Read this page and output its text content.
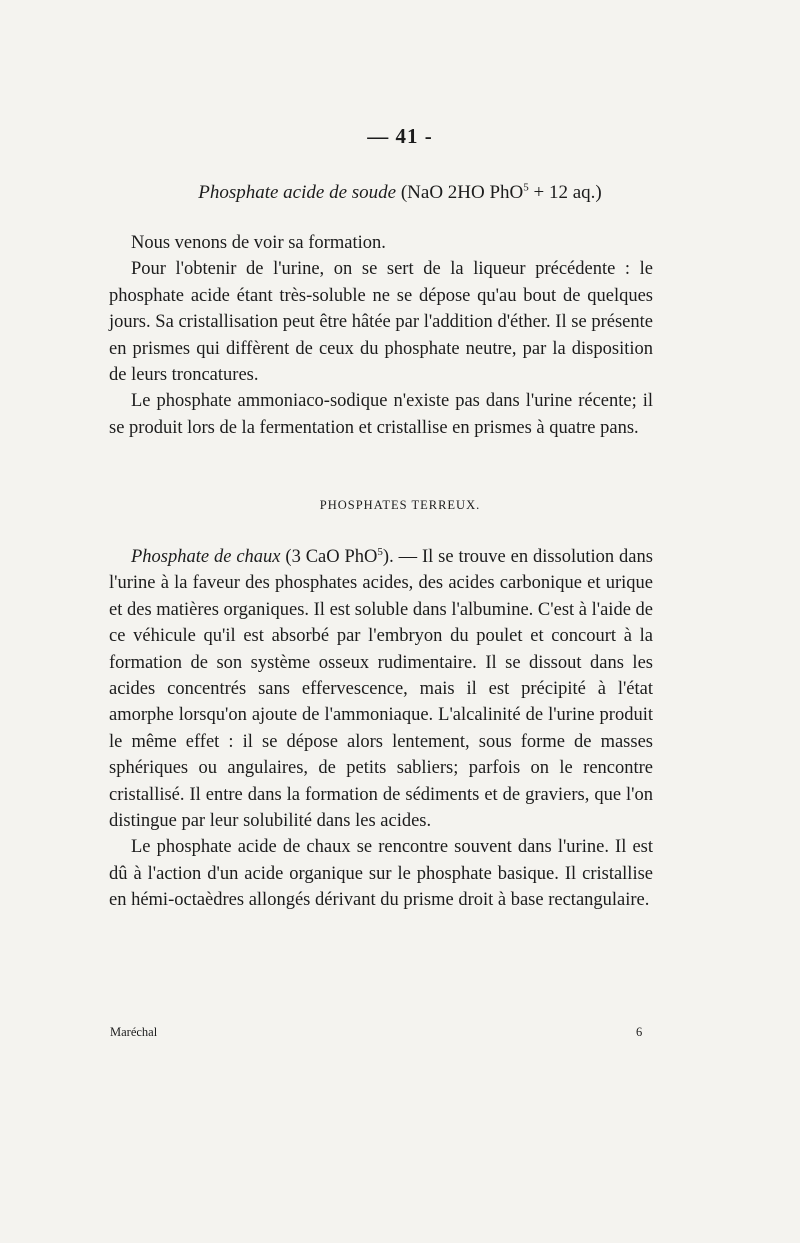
— 41 -
Phosphate acide de soude (NaO 2HO PhO$^5$ + 12 aq.)

Nous venons de voir sa formation.

Pour l'obtenir de l'urine, on se sert de la liqueur précédente : le phosphate acide étant très-soluble ne se dépose qu'au bout de quelques jours. Sa cristallisation peut être hâtée par l'addition d'éther. Il se présente en prismes qui diffèrent de ceux du phosphate neutre, par la disposition de leurs troncatures.

Le phosphate ammoniaco-sodique n'existe pas dans l'urine récente; il se produit lors de la fermentation et cristallise en prismes à quatre pans.

PHOSPHATES TERREUX.

Phosphate de chaux (3 CaO PhO$^5$). — Il se trouve en dissolution dans l'urine à la faveur des phosphates acides, des acides carbonique et urique et des matières organiques. Il est soluble dans l'albumine. C'est à l'aide de ce véhicule qu'il est absorbé par l'embryon du poulet et concourt à la formation de son système osseux rudimentaire. Il se dissout dans les acides concentrés sans effervescence, mais il est précipité à l'état amorphe lorsqu'on ajoute de l'ammoniaque. L'alcalinité de l'urine produit le même effet : il se dépose alors lentement, sous forme de masses sphériques ou angulaires, de petits sabliers; parfois on le rencontre cristallisé. Il entre dans la formation de sédiments et de graviers, que l'on distingue par leur solubilité dans les acides.

Le phosphate acide de chaux se rencontre souvent dans l'urine. Il est dû à l'action d'un acide organique sur le phosphate basique. Il cristallise en hémi-octaèdres allongés dérivant du prisme droit à base rectangulaire.

Maréchal	6
